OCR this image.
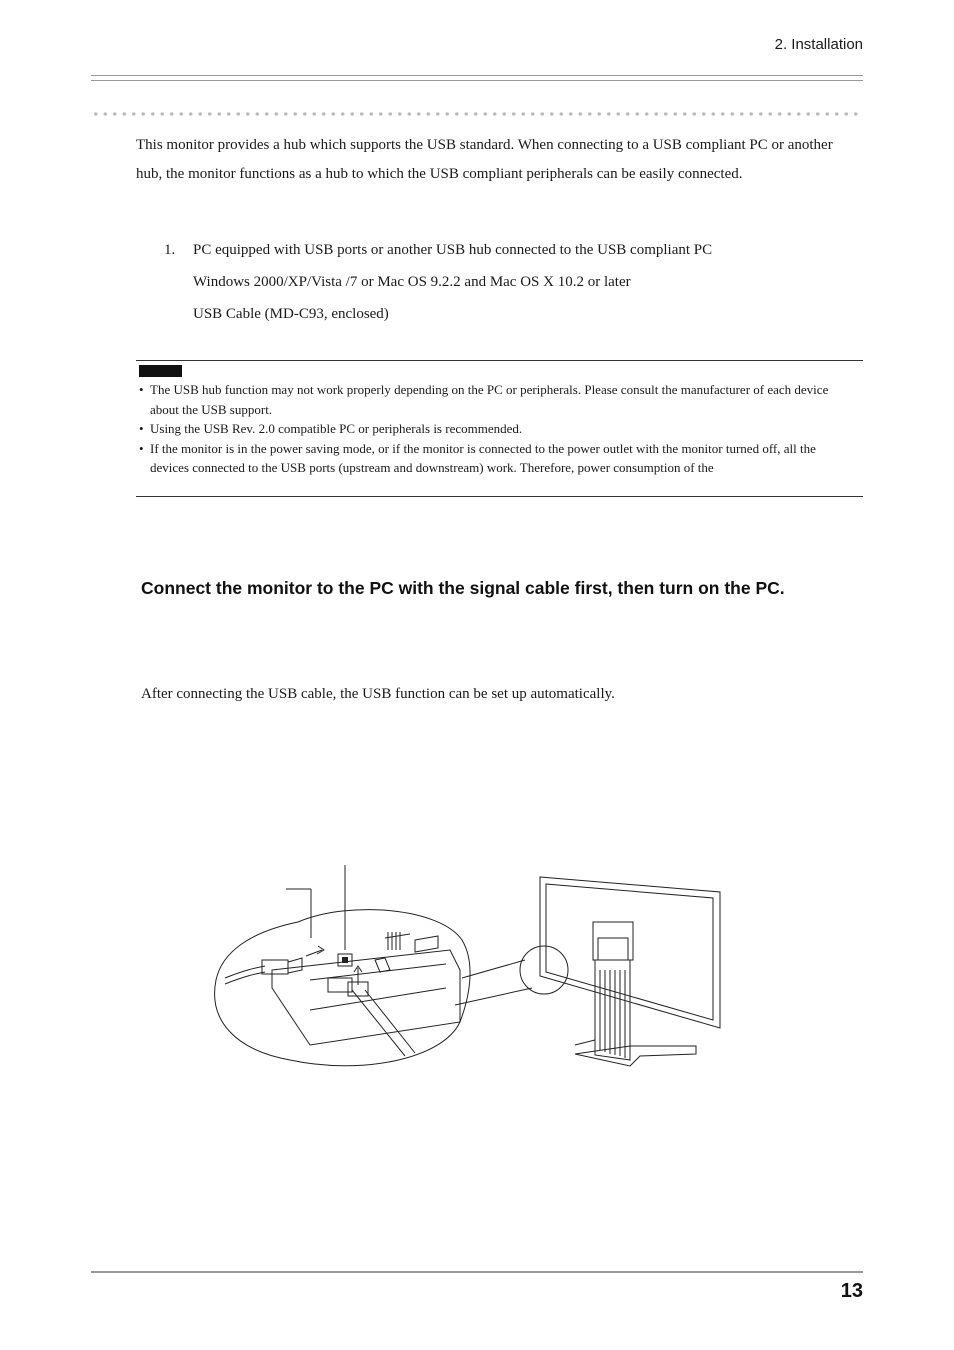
2. Installation

This monitor provides a hub which supports the USB standard. When connecting to a USB compliant PC or another hub, the monitor functions as a hub to which the USB compliant peripherals can be easily connected.

1. PC equipped with USB ports or another USB hub connected to the USB compliant PC
Windows 2000/XP/Vista /7 or Mac OS 9.2.2 and Mac OS X 10.2 or later
USB Cable (MD-C93, enclosed)
• The USB hub function may not work properly depending on the PC or peripherals. Please consult the manufacturer of each device about the USB support.
• Using the USB Rev. 2.0 compatible PC or peripherals is recommended.
• If the monitor is in the power saving mode, or if the monitor is connected to the power outlet with the monitor turned off, all the devices connected to the USB ports (upstream and downstream) work. Therefore, power consumption of the
Connect the monitor to the PC with the signal cable first, then turn on the PC.
After connecting the USB cable, the USB function can be set up automatically.
13
